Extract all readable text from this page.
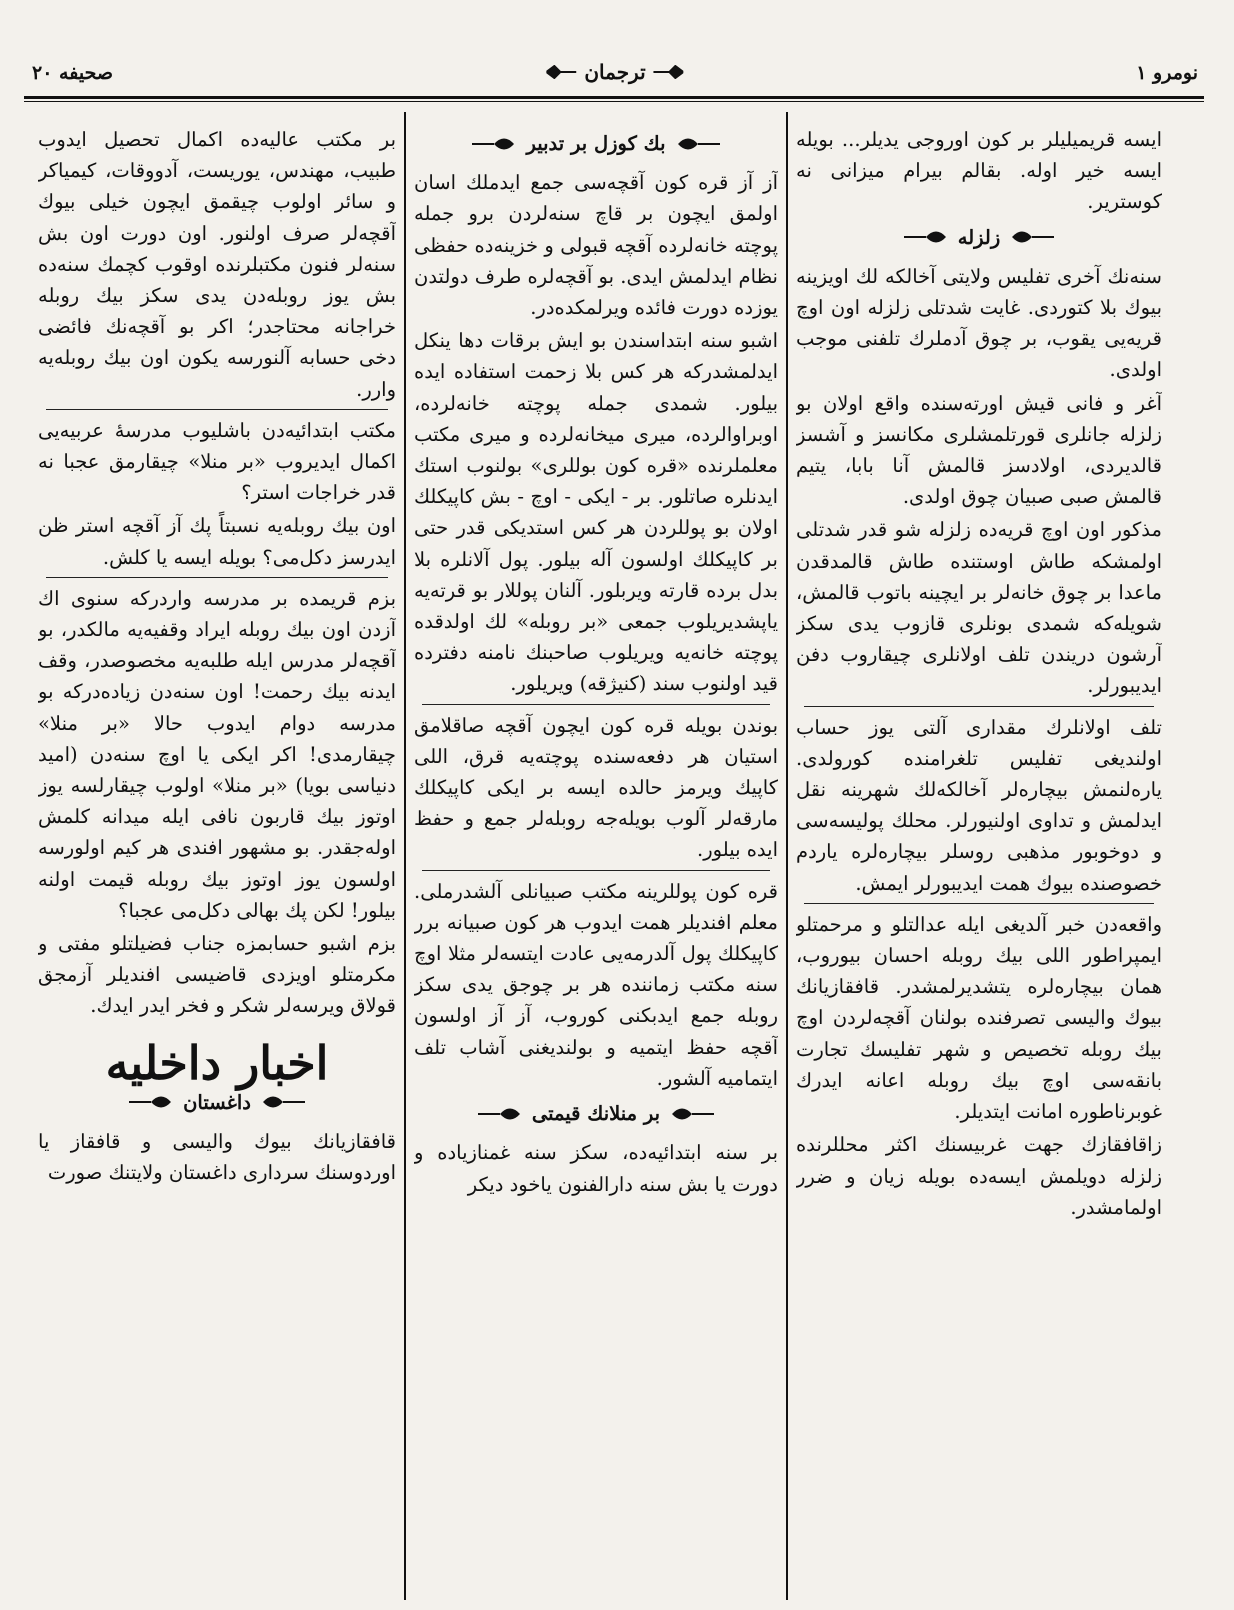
صحیفه ۲۰	ترجمان	نومرو ۱

ایسه قریمیلیلر بر کون اوروجی یدیلر... بویله ایسه خیر اوله. بقالم بیرام میزانی نه کوستریر.

زلزله

سنه‌نك آخری تفلیس ولایتی آخالکه لك اویزینه بیوك بلا کتوردی. غایت شدتلی زلزله اون اوچ قریه‌یی یقوب، بر چوق آدملرك تلفنی موجب اولدی.

آغر و فانی قیش اورته‌سنده واقع اولان بو زلزله جانلری قورتلمشلری مکانسز و آشسز قالدیردی، اولادسز قالمش آنا بابا، یتیم قالمش صبی صبیان چوق اولدی.

مذکور اون اوچ قریه‌ده زلزله شو قدر شدتلی اولمشکه طاش اوستنده طاش قالمدقدن ماعدا بر چوق خانه‌لر بر ایچینه باتوب قالمش، شویله‌که شمدی بونلری قازوب یدی سکز آرشون دریندن تلف اولانلری چیقاروب دفن ایدیبورلر.

تلف اولانلرك مقداری آلتی یوز حساب اولندیغی تفلیس تلغرامنده کورولدی. یاره‌لنمش بیچاره‌لر آخالکه‌لك شهرینه نقل ایدلمش و تداوی اولنیورلر. محلك پولیسه‌سی و دوخوبور مذهبی روسلر بیچاره‌لره یاردم خصوصنده بیوك همت ایدیبورلر ایمش.

واقعه‌دن خبر آلدیغی ایله عدالتلو و مرحمتلو ایمپراطور اللی بیك روبله احسان بیوروب، همان بیچاره‌لره یتشدیرلمشدر. قافقازیانك بیوك والیسی تصرفنده بولنان آقچه‌لردن اوچ بیك روبله تخصیص و شهر تفلیسك تجارت بانقه‌سی اوچ بیك روبله اعانه ایدرك غوبرناطوره امانت ایتدیلر.

زاقافقازك جهت غربیسنك اکثر محللرنده زلزله دویلمش ایسه‌ده بویله زیان و ضرر اولمامشدر.

بك کوزل بر تدبیر

آز آز قره کون آقچه‌سی جمع ایدملك اسان اولمق ایچون بر قاچ سنه‌لردن برو جمله پوچته خانه‌لرده آقچه قبولی و خزینه‌ده حفظی نظام ایدلمش ایدی. بو آقچه‌لره طرف دولتدن یوزده دورت فائده ویرلمکده‌در.

اشبو سنه ابتداسندن بو ایش برقات دها ینکل ایدلمشدرکه هر کس بلا زحمت استفاده ایده بیلور. شمدی جمله پوچته خانه‌لرده، اوبراوالرده، میری میخانه‌لرده و میری مکتب معلملرنده «قره کون بوللری» بولنوب استك ایدنلره صاتلور. بر - ایکی - اوچ - بش کاپیکلك اولان بو پوللردن هر کس استدیکی قدر حتی بر کاپیکلك اولسون آله بیلور. پول آلانلره بلا بدل برده قارته ویربلور. آلنان پوللار بو قرته‌یه یاپشدیریلوب جمعی «بر روبله» لك اولدقده پوچته خانه‌یه ویریلوب صاحبنك نامنه دفترده قید اولنوب سند (کنیژقه) ویریلور.

بوندن بویله قره کون ایچون آقچه صاقلامق استیان هر دفعه‌سنده پوچته‌یه قرق، اللی کاپیك ویرمز حالده ایسه بر ایکی کاپیکلك مارقه‌لر آلوب بویله‌جه روبله‌لر جمع و حفظ ایده بیلور.

قره کون پوللرینه مکتب صبیانلی آلشدرملی. معلم افندیلر همت ایدوب هر کون صبیانه برر کاپیکلك پول آلدرمه‌یی عادت ایتسه‌لر مثلا اوچ سنه مکتب زماننده هر بر چوجق یدی سکز روبله جمع ایدبکنی کوروب، آز آز اولسون آقچه حفظ ایتمیه و بولندیغنی آشاب تلف ایتمامیه آلشور.

بر منلانك قیمتی

بر سنه ابتدائیه‌ده، سکز سنه غمنازیاده و دورت یا بش سنه دارالفنون یاخود دیکر

بر مکتب عالیه‌ده اکمال تحصیل ایدوب طبیب، مهندس، یوریست، آدووقات، کیمیاکر و سائر اولوب چیقمق ایچون خیلی بیوك آقچه‌لر صرف اولنور. اون دورت اون بش سنه‌لر فنون مکتبلرنده اوقوب کچمك سنه‌ده بش یوز روبله‌دن یدی سکز بیك روبله خراجانه محتاجدر؛ اکر بو آقچه‌نك فائضی دخی حسابه آلنورسه یکون اون بیك روبله‌یه وارر.

مکتب ابتدائیه‌دن باشلیوب مدرسهٔ عربیه‌یی اکمال ایدیروب «بر منلا» چیقارمق عجبا نه قدر خراجات استر؟

اون بیك روبله‌یه نسبتاً پك آز آقچه استر ظن ایدرسز دکل‌می؟ بویله ایسه یا کلش.

بزم قریمده بر مدرسه واردرکه سنوی اك آزدن اون بیك روبله ایراد وقفیه‌یه مالکدر، بو آقچه‌لر مدرس ایله طلبه‌یه مخصوصدر، وقف ایدنه بیك رحمت! اون سنه‌دن زیاده‌درکه بو مدرسه دوام ایدوب حالا «بر منلا» چیقارمدی! اکر ایکی یا اوچ سنه‌دن (امید دنیاسی بویا) «بر منلا» اولوب چیقارلسه یوز اوتوز بیك قاربون نافی ایله میدانه کلمش اوله‌جقدر. بو مشهور افندی هر کیم اولورسه اولسون یوز اوتوز بیك روبله قیمت اولنه بیلور! لکن پك بهالی دکل‌می عجبا؟

بزم اشبو حسابمزه جناب فضیلتلو مفتی و مکرمتلو اویزدی قاضیسی افندیلر آزمجق قولاق ویرسه‌لر شکر و فخر ایدر ایدك.

اخبار داخلیه
داغستان

قافقازیانك بیوك والیسی و قافقاز یا اوردوسنك سرداری داغستان ولایتنك صورت
